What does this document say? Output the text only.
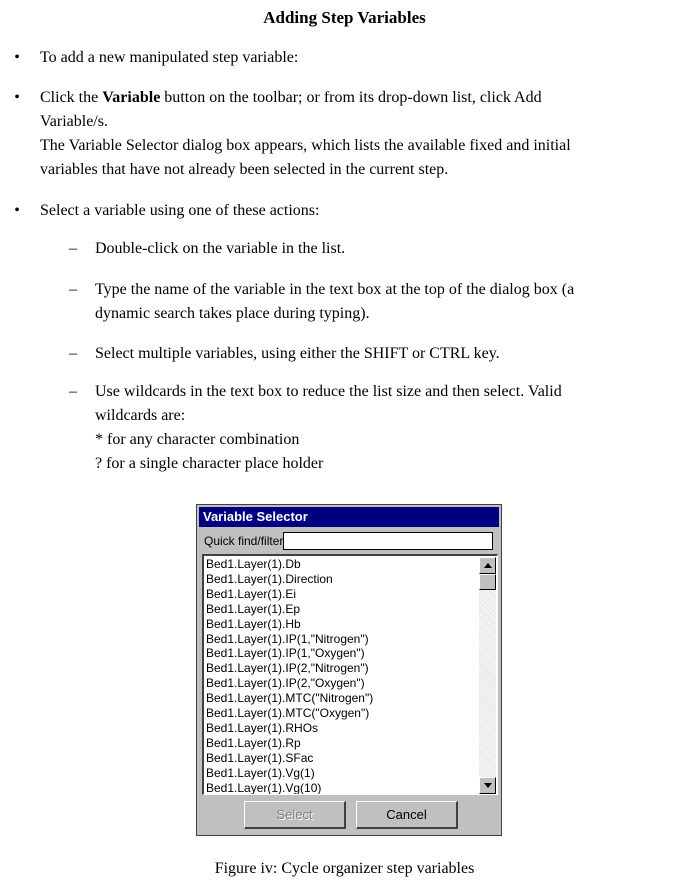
Adding Step Variables
• To add a new manipulated step variable:
• Click the Variable button on the toolbar; or from its drop-down list, click Add
Variable/s.
The Variable Selector dialog box appears, which lists the available fixed and initial
variables that have not already been selected in the current step.
• Select a variable using one of these actions:
– Double-click on the variable in the list.
– Type the name of the variable in the text box at the top of the dialog box (a
dynamic search takes place during typing).
– Select multiple variables, using either the SHIFT or CTRL key.
– Use wildcards in the text box to reduce the list size and then select. Valid
wildcards are:
* for any character combination
? for a single character place holder
Variable Selector
Quick find/filter
Bed1.Layer(1).Db
Bed1.Layer(1).Direction
Bed1.Layer(1).Ei
Bed1.Layer(1).Ep
Bed1.Layer(1).Hb
Bed1.Layer(1).IP(1,"Nitrogen")
Bed1.Layer(1).IP(1,"Oxygen")
Bed1.Layer(1).IP(2,"Nitrogen")
Bed1.Layer(1).IP(2,"Oxygen")
Bed1.Layer(1).MTC("Nitrogen")
Bed1.Layer(1).MTC("Oxygen")
Bed1.Layer(1).RHOs
Bed1.Layer(1).Rp
Bed1.Layer(1).SFac
Bed1.Layer(1).Vg(1)
Bed1.Layer(1).Vg(10)
Select	Cancel
Figure iv: Cycle organizer step variables
